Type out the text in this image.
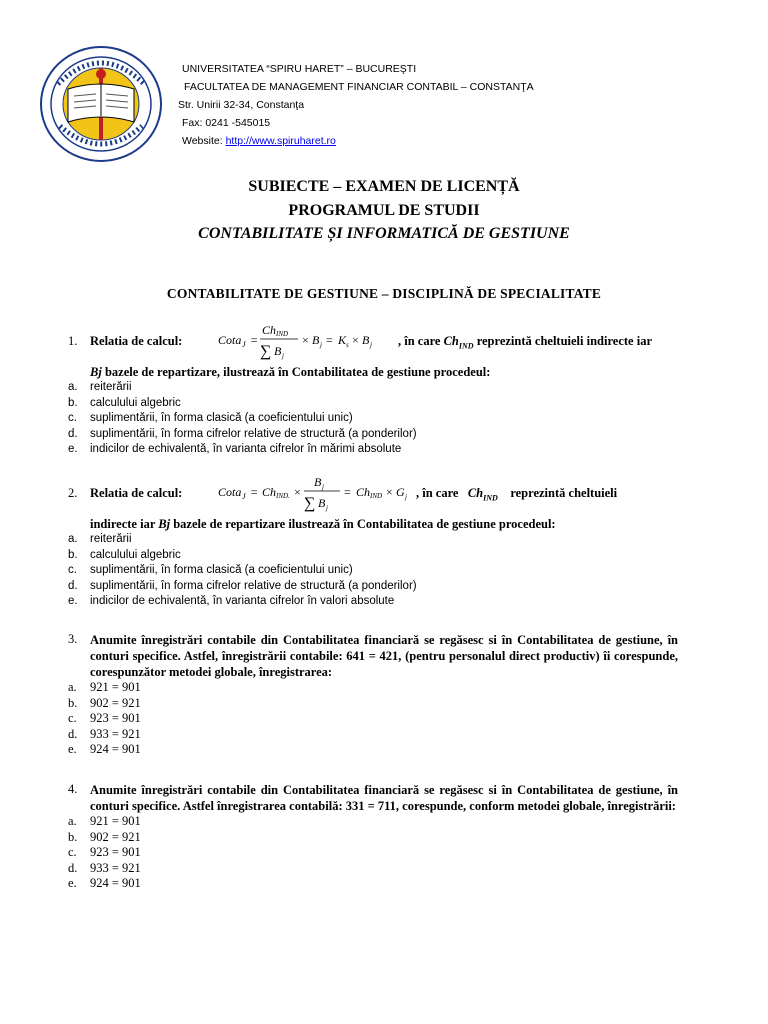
UNIVERSITATEA “SPIRU HARET” – BUCUREŞTI
FACULTATEA DE MANAGEMENT FINANCIAR CONTABIL – CONSTANŢA
Str. Unirii 32-34, Constanţa
Fax: 0241 -545015
Website: http://www.spiruharet.ro
SUBIECTE – EXAMEN DE LICENȚĂ
PROGRAMUL DE STUDII
CONTABILITATE ȘI INFORMATICĂ DE GESTIUNE
CONTABILITATE DE GESTIUNE – DISCIPLINĂ DE SPECIALITATE
1. Relatia de calcul:	Cota J =
Ch IND
∑ B j
× B j = K s × B j , în care $Ch_{IND}$ reprezintă cheltuieli indirecte iar
Bj bazele de repartizare, ilustrează în Contabilitatea de gestiune procedeul:
a. reiterării
b. calculului algebric
c. suplimentării, în forma clasică (a coeficientului unic)
d. suplimentării, în forma cifrelor relative de structură (a ponderilor)
e. indicilor de echivalentă, în varianta cifrelor în mărimi absolute
2. Relatia de calcul:	Cota J = Ch IND. ×
B j
∑ B j
= Ch IND × G j , în care $Ch_{IND}$ reprezintă cheltuieli
indirecte iar Bj bazele de repartizare ilustrează în Contabilitatea de gestiune procedeul:
a. reiterării
b. calculului algebric
c. suplimentării, în forma clasică (a coeficientului unic)
d. suplimentării, în forma cifrelor relative de structură (a ponderilor)
e. indicilor de echivalentă, în varianta cifrelor în valori absolute
3. Anumite înregistrări contabile din Contabilitatea financiară se regăsesc si în Contabilitatea de gestiune, în conturi specifice. Astfel, înregistrării contabile: 641 = 421, (pentru personalul direct productiv) îi corespunde, corespunzător metodei globale, înregistrarea:
a. 921 = 901
b. 902 = 921
c. 923 = 901
d. 933 = 921
e. 924 = 901
4. Anumite înregistrări contabile din Contabilitatea financiară se regăsesc si în Contabilitatea de gestiune, în conturi specifice. Astfel înregistrarea contabilă: 331 = 711, corespunde, conform metodei globale, înregistrării:
a. 921 = 901
b. 902 = 921
c. 923 = 901
d. 933 = 921
e. 924 = 901
